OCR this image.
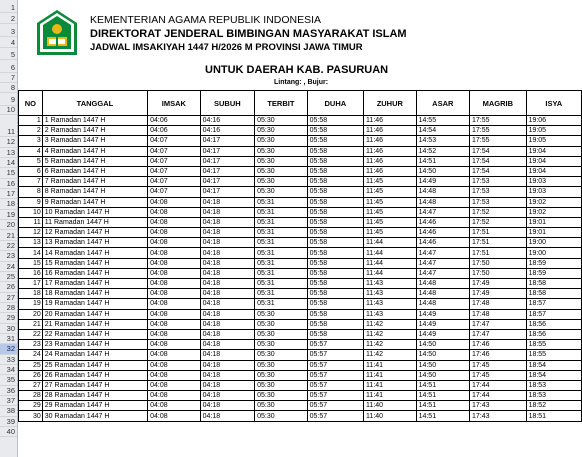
1
2
3
4
5
6
7
8
9
10
11
12
13
14
15
16
17
18
19
20
21
22
23
24
25
26
27
28
29
30
31
32
33
34
35
36
37
38
39
40
KEMENTERIAN AGAMA REPUBLIK INDONESIA
DIREKTORAT JENDERAL BIMBINGAN MASYARAKAT ISLAM
JADWAL IMSAKIYAH 1447 H/2026 M PROVINSI JAWA TIMUR
UNTUK DAERAH KAB. PASURUAN
Lintang: , Bujur:
NO	TANGGAL	IMSAK	SUBUH	TERBIT	DUHA	ZUHUR	ASAR	MAGRIB	ISYA
1	1 Ramadan 1447 H	04:06	04:16	05:30	05:58	11:46	14:55	17:55	19:06
2	2 Ramadan 1447 H	04:06	04:16	05:30	05:58	11:46	14:54	17:55	19:05
3	3 Ramadan 1447 H	04:07	04:17	05:30	05:58	11:46	14:53	17:55	19:05
4	4 Ramadan 1447 H	04:07	04:17	05:30	05:58	11:46	14:52	17:54	19:04
5	5 Ramadan 1447 H	04:07	04:17	05:30	05:58	11:46	14:51	17:54	19:04
6	6 Ramadan 1447 H	04:07	04:17	05:30	05:58	11:46	14:50	17:54	19:04
7	7 Ramadan 1447 H	04:07	04:17	05:30	05:58	11:45	14:49	17:53	19:03
8	8 Ramadan 1447 H	04:07	04:17	05:30	05:58	11:45	14:48	17:53	19:03
9	9 Ramadan 1447 H	04:08	04:18	05:31	05:58	11:45	14:48	17:53	19:02
10	10 Ramadan 1447 H	04:08	04:18	05:31	05:58	11:45	14:47	17:52	19:02
11	11 Ramadan 1447 H	04:08	04:18	05:31	05:58	11:45	14:46	17:52	19:01
12	12 Ramadan 1447 H	04:08	04:18	05:31	05:58	11:45	14:46	17:51	19:01
13	13 Ramadan 1447 H	04:08	04:18	05:31	05:58	11:44	14:46	17:51	19:00
14	14 Ramadan 1447 H	04:08	04:18	05:31	05:58	11:44	14:47	17:51	19:00
15	15 Ramadan 1447 H	04:08	04:18	05:31	05:58	11:44	14:47	17:50	18:59
16	16 Ramadan 1447 H	04:08	04:18	05:31	05:58	11:44	14:47	17:50	18:59
17	17 Ramadan 1447 H	04:08	04:18	05:31	05:58	11:43	14:48	17:49	18:58
18	18 Ramadan 1447 H	04:08	04:18	05:31	05:58	11:43	14:48	17:49	18:58
19	19 Ramadan 1447 H	04:08	04:18	05:31	05:58	11:43	14:48	17:48	18:57
20	20 Ramadan 1447 H	04:08	04:18	05:30	05:58	11:43	14:49	17:48	18:57
21	21 Ramadan 1447 H	04:08	04:18	05:30	05:58	11:42	14:49	17:47	18:56
22	22 Ramadan 1447 H	04:08	04:18	05:30	05:58	11:42	14:49	17:47	18:56
23	23 Ramadan 1447 H	04:08	04:18	05:30	05:57	11:42	14:50	17:46	18:55
24	24 Ramadan 1447 H	04:08	04:18	05:30	05:57	11:42	14:50	17:46	18:55
25	25 Ramadan 1447 H	04:08	04:18	05:30	05:57	11:41	14:50	17:45	18:54
26	26 Ramadan 1447 H	04:08	04:18	05:30	05:57	11:41	14:50	17:45	18:54
27	27 Ramadan 1447 H	04:08	04:18	05:30	05:57	11:41	14:51	17:44	18:53
28	28 Ramadan 1447 H	04:08	04:18	05:30	05:57	11:41	14:51	17:44	18:53
29	29 Ramadan 1447 H	04:08	04:18	05:30	05:57	11:40	14:51	17:43	18:52
30	30 Ramadan 1447 H	04:08	04:18	05:30	05:57	11:40	14:51	17:43	18:51
